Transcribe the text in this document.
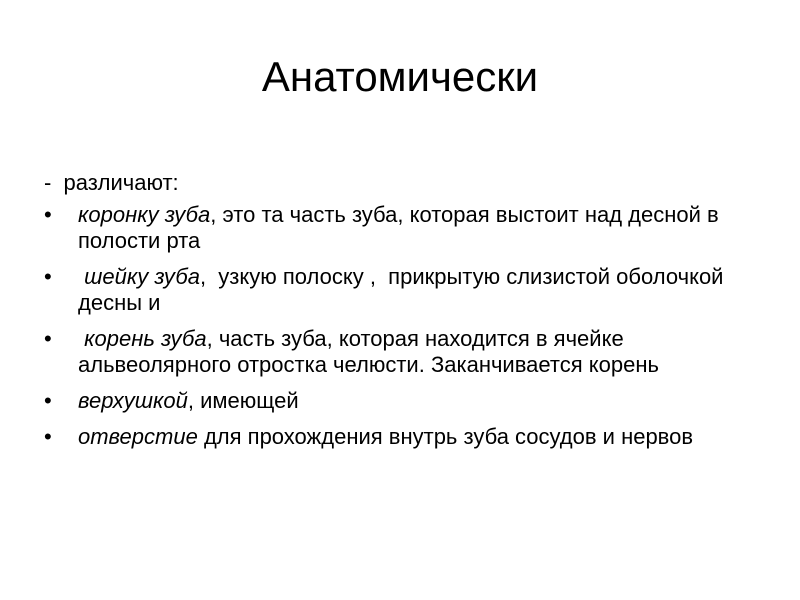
Анатомически

-  различают:

•	коронку зуба, это та часть зуба, которая выстоит над десной в полости рта
•	шейку зуба,  узкую полоску ,  прикрытую слизистой оболочкой десны и
•	корень зуба, часть зуба, которая находится в ячейке альвеолярного отростка челюсти. Заканчивается корень
•	верхушкой, имеющей
•	отверстие для прохождения внутрь зуба сосудов и нервов
